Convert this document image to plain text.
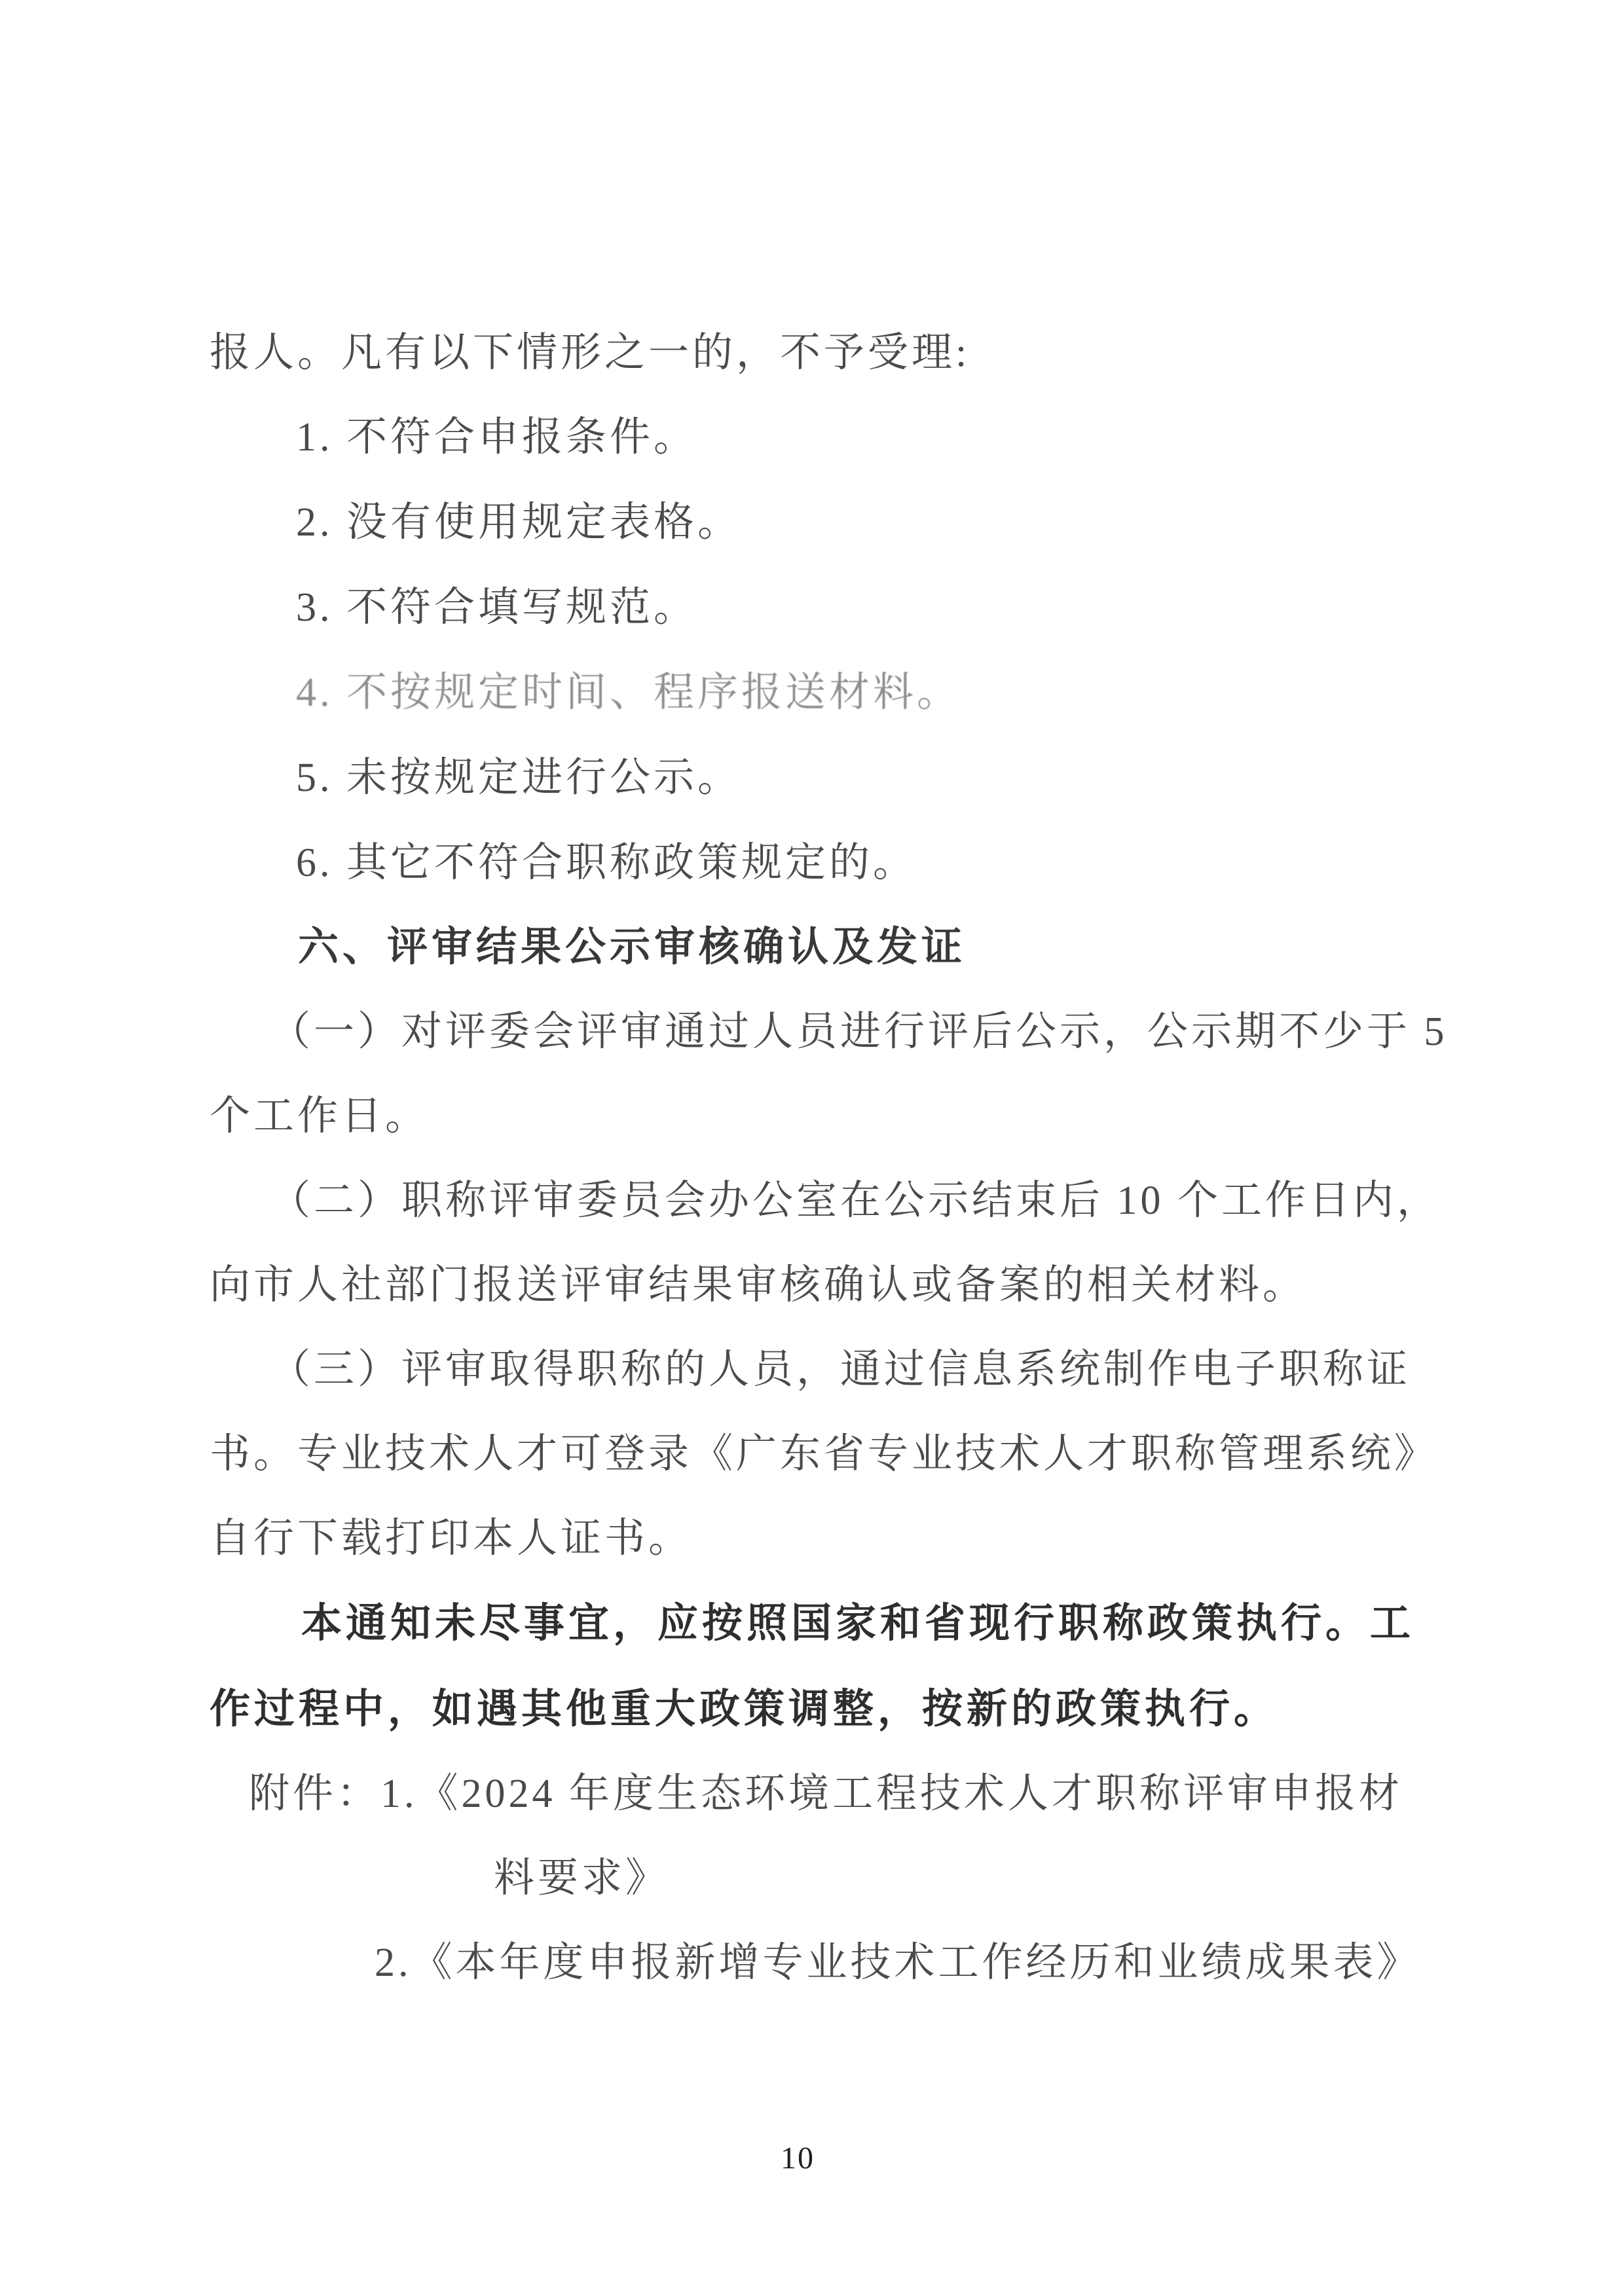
报人。凡有以下情形之一的，不予受理:

1. 不符合申报条件。

2. 没有使用规定表格。

3. 不符合填写规范。

4. 不按规定时间、程序报送材料。

5. 未按规定进行公示。

6. 其它不符合职称政策规定的。

六、评审结果公示审核确认及发证

（一）对评委会评审通过人员进行评后公示，公示期不少于 5

个工作日。

（二）职称评审委员会办公室在公示结束后 10 个工作日内，

向市人社部门报送评审结果审核确认或备案的相关材料。

（三）评审取得职称的人员，通过信息系统制作电子职称证

书。专业技术人才可登录《广东省专业技术人才职称管理系统》

自行下载打印本人证书。

本通知未尽事宜，应按照国家和省现行职称政策执行。工

作过程中，如遇其他重大政策调整，按新的政策执行。

附件：1.《2024 年度生态环境工程技术人才职称评审申报材

料要求》

2.《本年度申报新增专业技术工作经历和业绩成果表》

10
